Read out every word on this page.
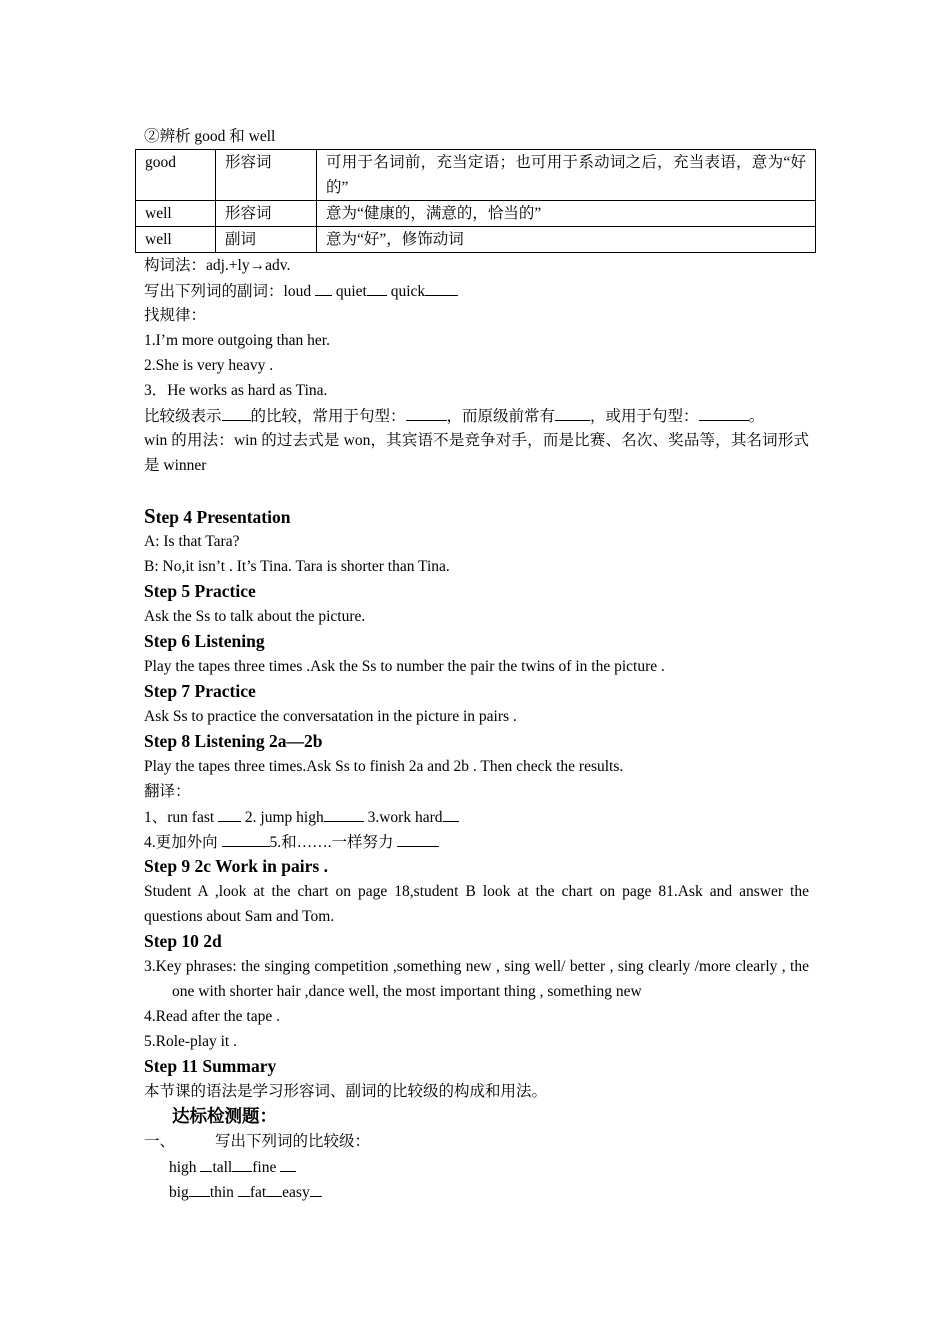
②辨析 good 和 well
good	形容词	可用于名词前，充当定语；也可用于系动词之后，充当表语，意为“好的”
well	形容词	意为“健康的，满意的，恰当的”
well	副词	意为“好”，修饰动词
构词法：adj.+ly→adv.
写出下列词的副词：loud quiet quick
找规律：
1.I’m more outgoing than her.
2.She is very heavy .
3．He works as hard as Tina.
比较级表示 的比较，常用于句型：	，而原级前常有 ，或用于句型：	。
win 的用法：win 的过去式是 won，其宾语不是竞争对手，而是比赛、名次、奖品等，其名词形式是 winner
Step 4 Presentation
A: Is that Tara?
B: No,it isn’t . It’s Tina. Tara is shorter than Tina.
Step 5 Practice
Ask the Ss to talk about the picture.
Step 6 Listening
Play the tapes three times .Ask the Ss to number the pair the twins of in the picture .
Step 7 Practice
Ask Ss to practice the conversatation in the picture in pairs .
Step 8 Listening 2a—2b
Play the tapes three times.Ask Ss to finish 2a and 2b . Then check the results.
翻译：
1、run fast  2. jump high	3.work hard
4.更加外向	5.和…….一样努力
Step 9 2c Work in pairs .
Student A ,look at the chart on page 18,student B look at the chart on page 81.Ask and answer the questions about Sam and Tom.
Step 10 2d
3.Key phrases: the singing competition ,something new , sing well/ better , sing clearly /more clearly , the one with shorter hair ,dance well, the most important thing , something new
4.Read after the tape .
5.Role-play it .
Step 11 Summary
本节课的语法是学习形容词、副词的比较级的构成和用法。
达标检测题：
一、	写出下列词的比较级：
high tall fine
big thin fat easy
